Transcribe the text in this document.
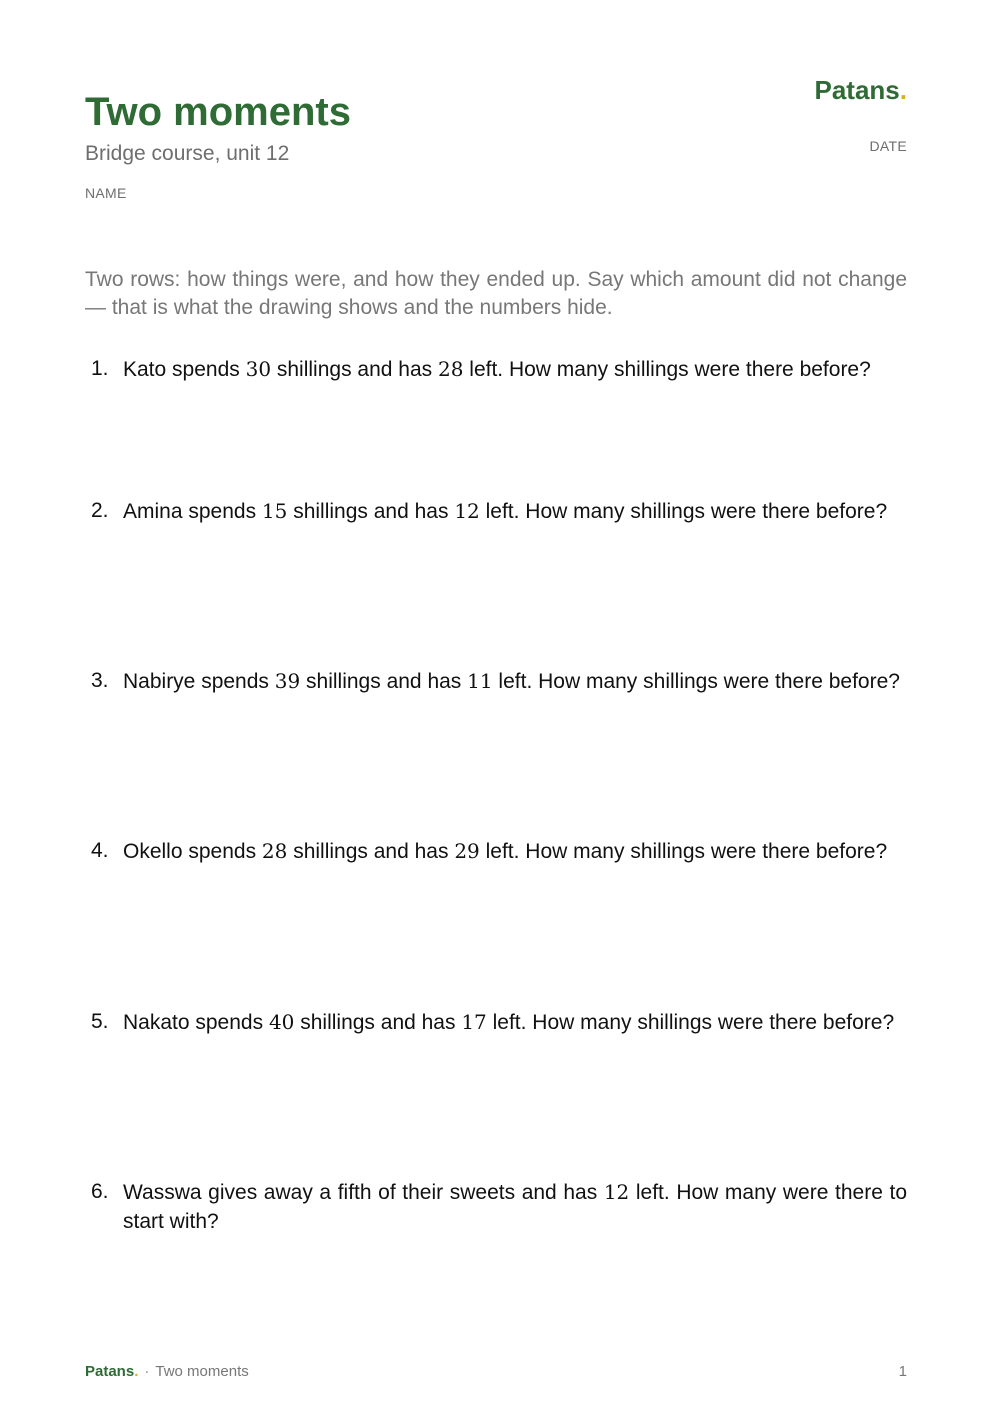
Two moments
Bridge course, unit 12
NAME
Patans.
DATE

Two rows: how things were, and how they ended up. Say which amount did not change — that is what the drawing shows and the numbers hide.

1. Kato spends 30 shillings and has 28 left. How many shillings were there before?
2. Amina spends 15 shillings and has 12 left. How many shillings were there before?
3. Nabirye spends 39 shillings and has 11 left. How many shillings were there before?
4. Okello spends 28 shillings and has 29 left. How many shillings were there before?
5. Nakato spends 40 shillings and has 17 left. How many shillings were there before?
6. Wasswa gives away a fifth of their sweets and has 12 left. How many were there to start with?
Patans. · Two moments	1
